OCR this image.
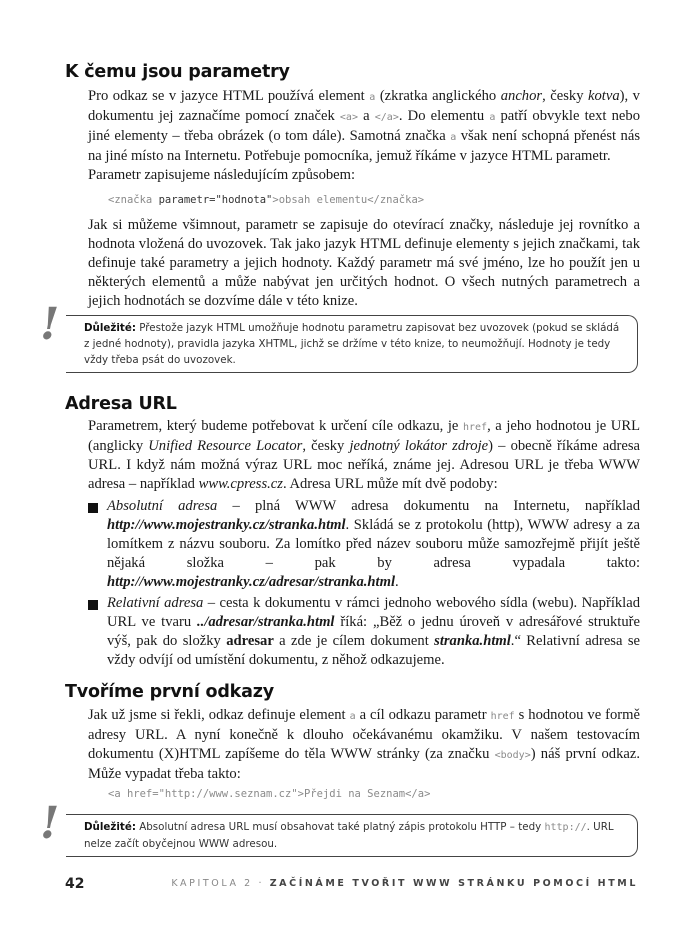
K čemu jsou parametry
Pro odkaz se v jazyce HTML používá element a (zkratka anglického anchor, česky kotva), v dokumentu jej zaznačíme pomocí značek <a> a </a>. Do elementu a patří obvykle text nebo jiné elementy – třeba obrázek (o tom dále). Samotná značka a však není schopná přenést nás na jiné místo na Internetu. Potřebuje pomocníka, jemuž říkáme v jazyce HTML parametr.
Parametr zapisujeme následujícím způsobem:
<značka parametr="hodnota">obsah elementu</značka>
Jak si můžeme všimnout, parametr se zapisuje do otevírací značky, následuje jej rovnítko a hodnota vložená do uvozovek. Tak jako jazyk HTML definuje elementy s jejich značkami, tak definuje také parametry a jejich hodnoty. Každý parametr má své jméno, lze ho použít jen u některých elementů a může nabývat jen určitých hodnot. O všech nutných parametrech a jejich hodnotách se dozvíme dále v této knize.
!	Důležité: Přestože jazyk HTML umožňuje hodnotu parametru zapisovat bez uvozovek (pokud se skládá z jedné hodnoty), pravidla jazyka XHTML, jichž se držíme v této knize, to neumožňují. Hodnoty je tedy vždy třeba psát do uvozovek.
Adresa URL
Parametrem, který budeme potřebovat k určení cíle odkazu, je href, a jeho hodnotou je URL (anglicky Unified Resource Locator, česky jednotný lokátor zdroje) – obecně říkáme adresa URL. I když nám možná výraz URL moc neříká, známe jej. Adresou URL je třeba WWW adresa – například www.cpress.cz. Adresa URL může mít dvě podoby:
Absolutní adresa – plná WWW adresa dokumentu na Internetu, například http://www.mojestranky.cz/stranka.html. Skládá se z protokolu (http), WWW adresy a za lomítkem z názvu souboru. Za lomítko před název souboru může samozřejmě přijít ještě nějaká složka – pak by adresa vypadala takto: http://www.mojestranky.cz/adresar/stranka.html.
Relativní adresa – cesta k dokumentu v rámci jednoho webového sídla (webu). Například URL ve tvaru ../adresar/stranka.html říká: „Běž o jednu úroveň v adresářové struktuře výš, pak do složky adresar a zde je cílem dokument stranka.html.“ Relativní adresa se vždy odvíjí od umístění dokumentu, z něhož odkazujeme.
Tvoříme první odkazy
Jak už jsme si řekli, odkaz definuje element a a cíl odkazu parametr href s hodnotou ve formě adresy URL. A nyní konečně k dlouho očekávanému okamžiku. V našem testovacím dokumentu (X)HTML zapíšeme do těla WWW stránky (za značku <body>) náš první odkaz. Může vypadat třeba takto:
<a href="http://www.seznam.cz">Přejdi na Seznam</a>
!	Důležité: Absolutní adresa URL musí obsahovat také platný zápis protokolu HTTP – tedy http://. URL nelze začít obyčejnou WWW adresou.
42	KAPITOLA 2 · ZAČÍNÁME TVOŘIT WWW STRÁNKU POMOCÍ HTML
